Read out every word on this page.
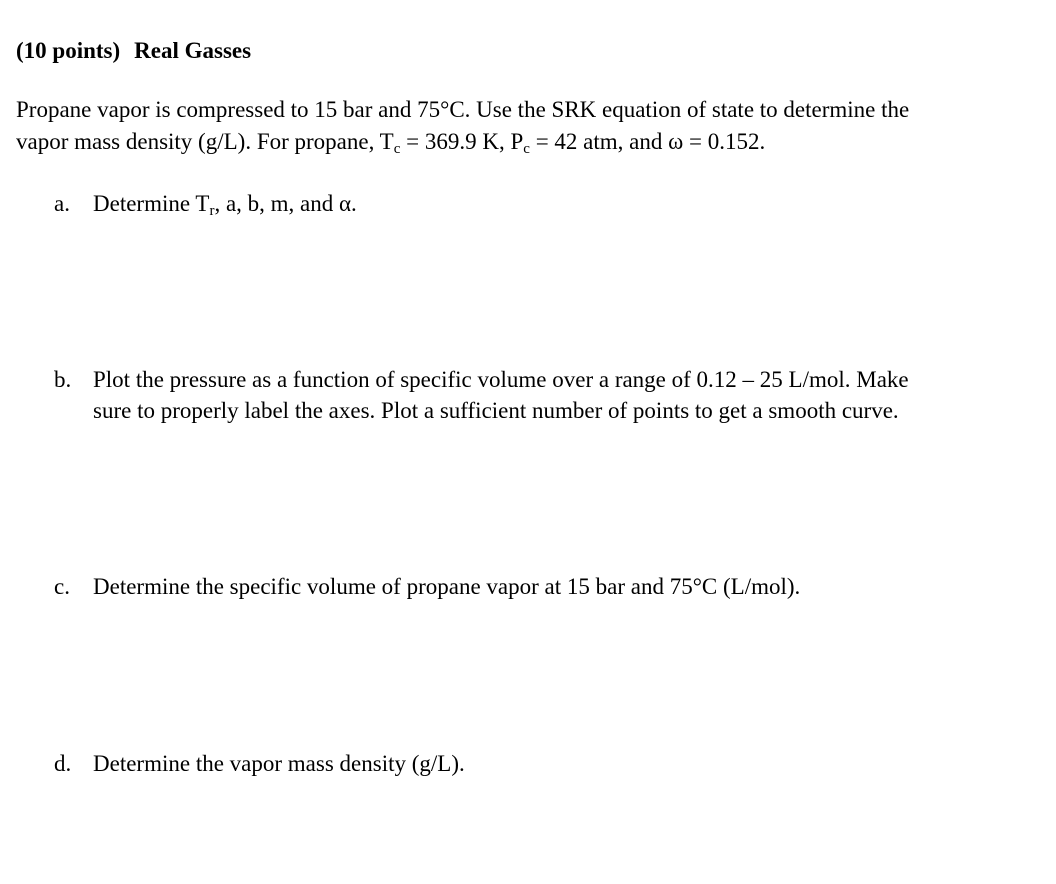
(10 points) Real Gasses
Propane vapor is compressed to 15 bar and 75°C. Use the SRK equation of state to determine the
vapor mass density (g/L). For propane, $T_c = 369.9$ K, $P_c = 42$ atm, and ω = 0.152.
a.	Determine $T_r$, a, b, m, and α.
b. Plot the pressure as a function of specific volume over a range of 0.12 – 25 L/mol. Make
sure to properly label the axes. Plot a sufficient number of points to get a smooth curve.
c.	Determine the specific volume of propane vapor at 15 bar and 75°C (L/mol).
d. Determine the vapor mass density (g/L).
